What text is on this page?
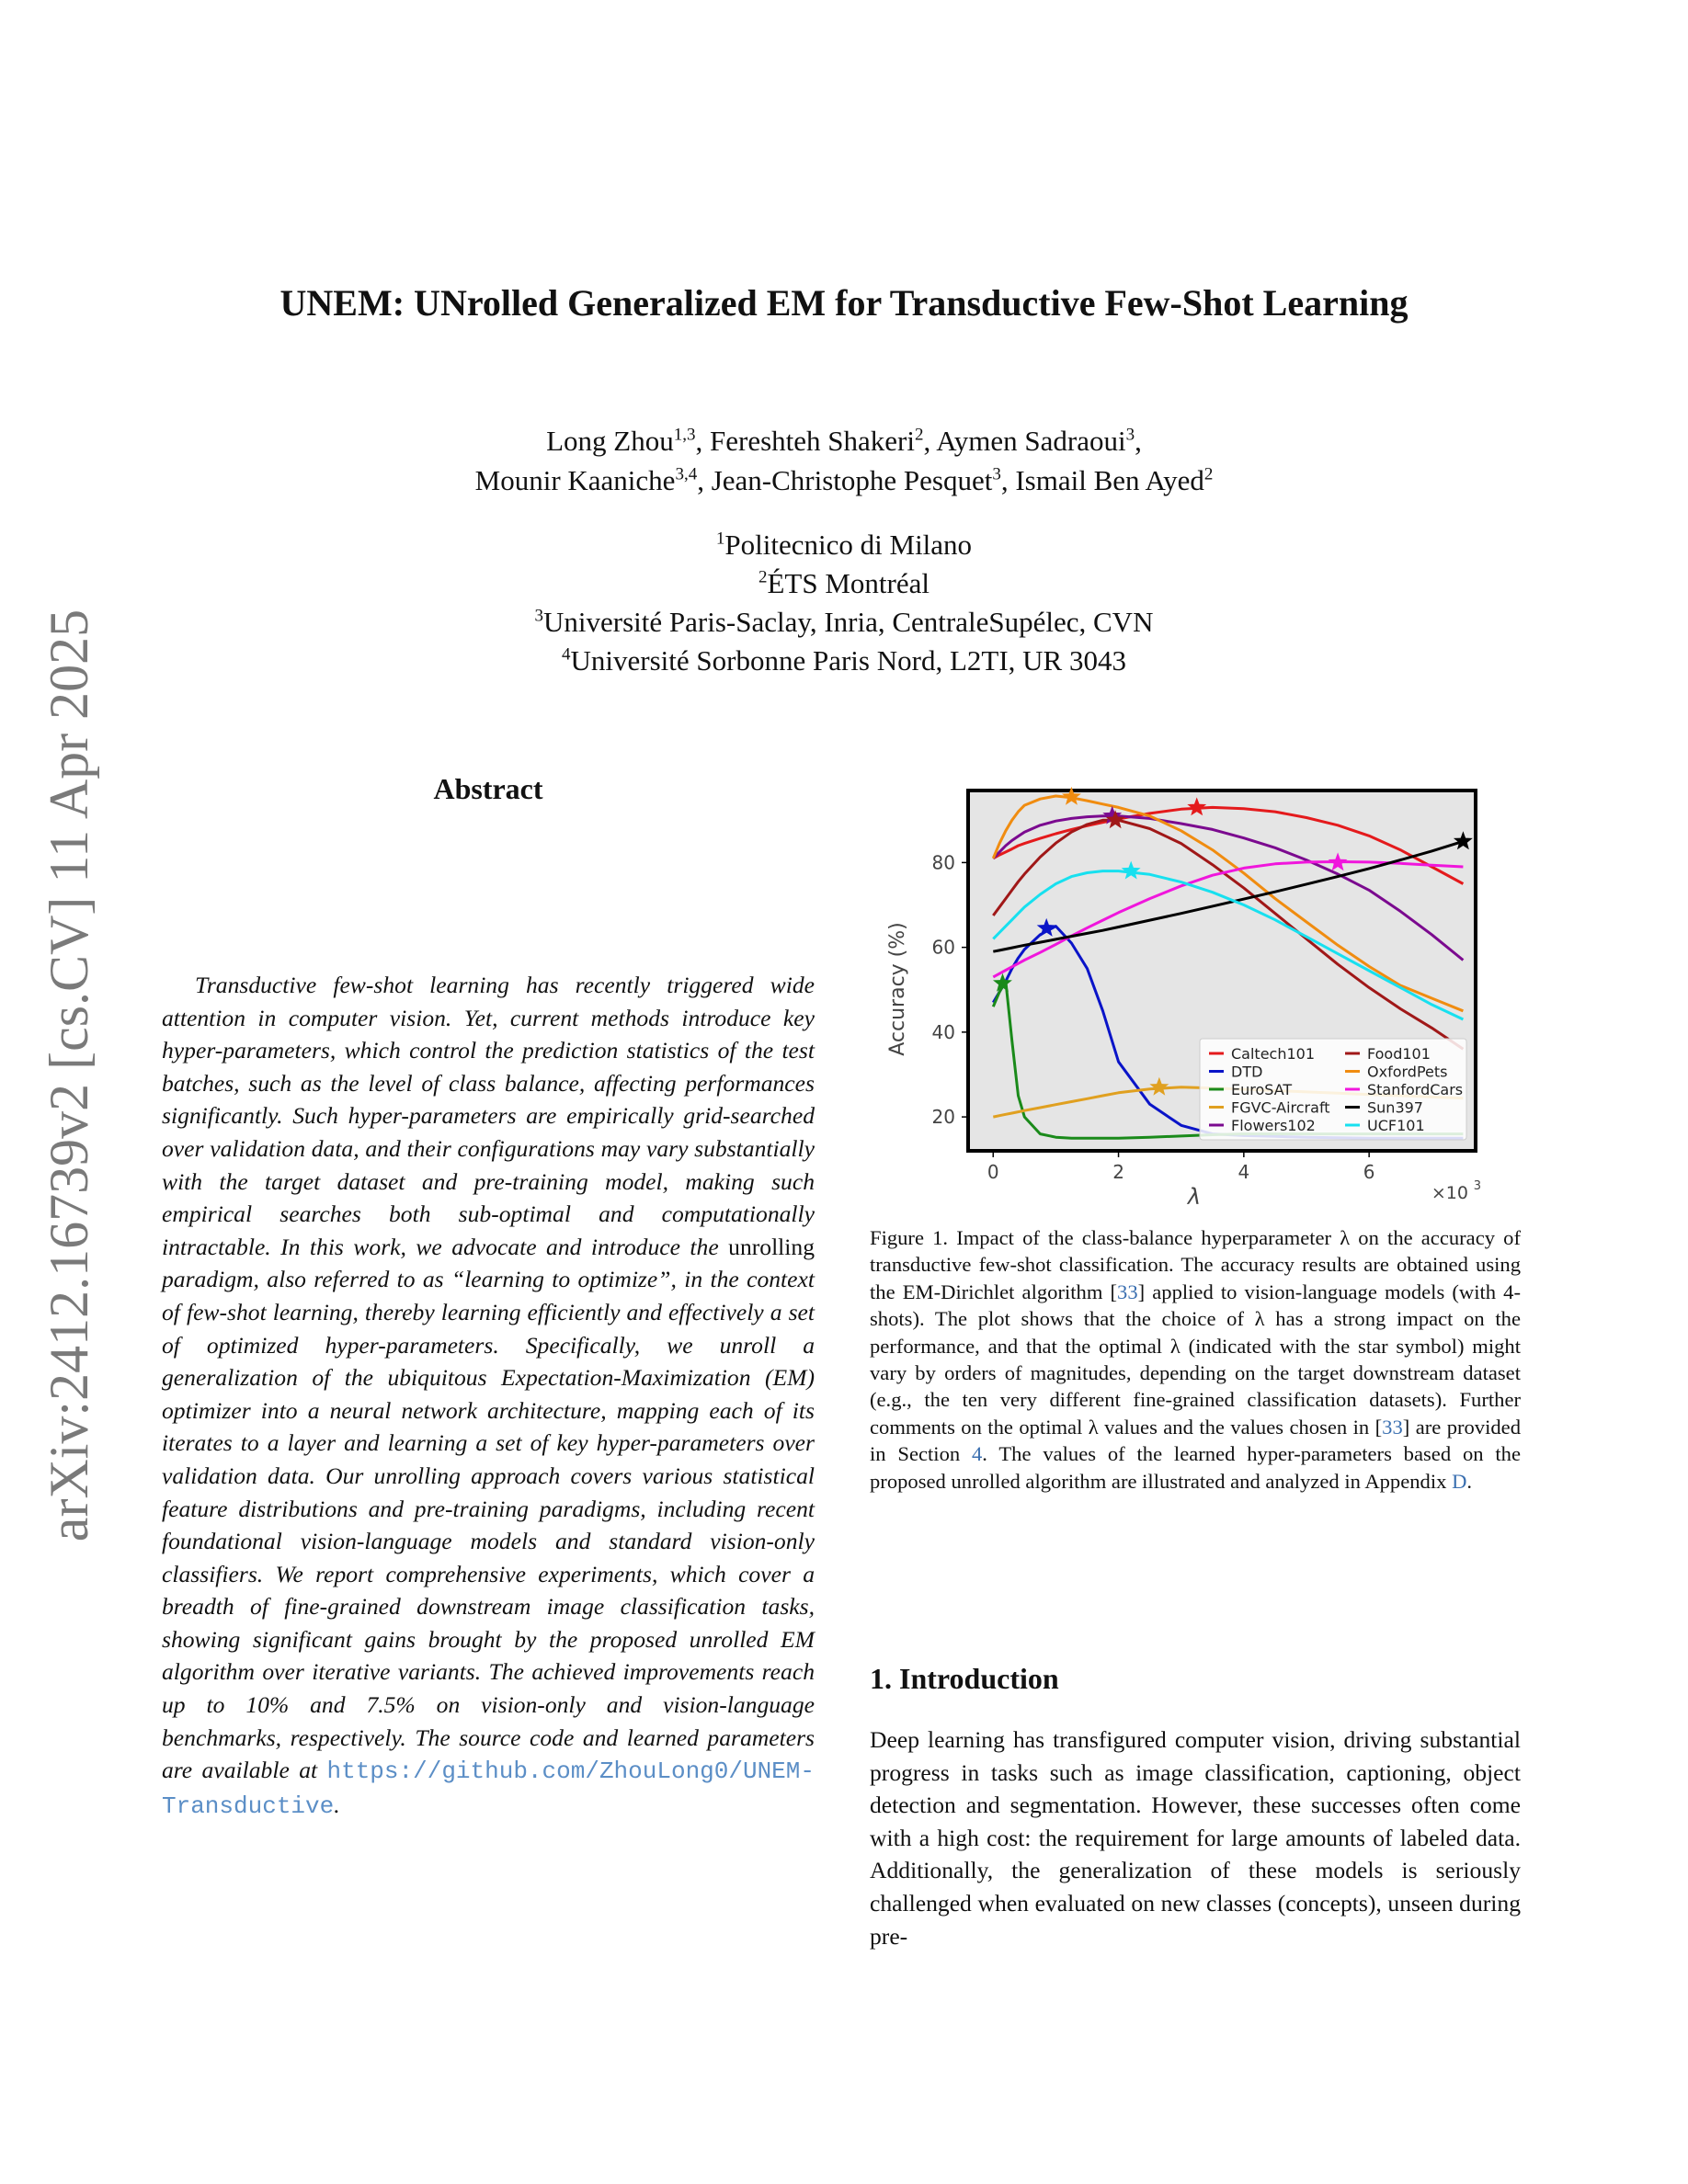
arXiv:2412.16739v2 [cs.CV] 11 Apr 2025
UNEM: UNrolled Generalized EM for Transductive Few-Shot Learning
Long Zhou$^{1,3}$, Fereshteh Shakeri$^2$, Aymen Sadraoui$^3$,
Mounir Kaaniche$^{3,4}$, Jean-Christophe Pesquet$^3$, Ismail Ben Ayed$^2$
$^1$Politecnico di Milano
$^2$ÉTS Montréal
$^3$Université Paris-Saclay, Inria, CentraleSupélec, CVN
$^4$Université Sorbonne Paris Nord, L2TI, UR 3043
Abstract
Transductive few-shot learning has recently triggered wide attention in computer vision. Yet, current methods introduce key hyper-parameters, which control the prediction statistics of the test batches, such as the level of class balance, affecting performances significantly. Such hyper-parameters are empirically grid-searched over validation data, and their configurations may vary substantially with the target dataset and pre-training model, making such empirical searches both sub-optimal and computationally intractable. In this work, we advocate and introduce the unrolling paradigm, also referred to as “learning to optimize”, in the context of few-shot learning, thereby learning efficiently and effectively a set of optimized hyper-parameters. Specifically, we unroll a generalization of the ubiquitous Expectation-Maximization (EM) optimizer into a neural network architecture, mapping each of its iterates to a layer and learning a set of key hyper-parameters over validation data. Our unrolling approach covers various statistical feature distributions and pre-training paradigms, including recent foundational vision-language models and standard vision-only classifiers. We report comprehensive experiments, which cover a breadth of fine-grained downstream image classification tasks, showing significant gains brought by the proposed unrolled EM algorithm over iterative variants. The achieved improvements reach up to 10% and 7.5% on vision-only and vision-language benchmarks, respectively. The source code and learned parameters are available at https://github.com/ZhouLong0/UNEM-Transductive.
0	2	4	6
20
40
60
80
λ	×10 3
Accuracy (%)	Caltech101
DTD
EuroSAT
FGVC-Aircraft
Flowers102
Food101
OxfordPets
StanfordCars
Sun397
UCF101
Figure 1. Impact of the class-balance hyperparameter λ on the accuracy of transductive few-shot classification. The accuracy results are obtained using the EM-Dirichlet algorithm [33] applied to vision-language models (with 4-shots). The plot shows that the choice of λ has a strong impact on the performance, and that the optimal λ (indicated with the star symbol) might vary by orders of magnitudes, depending on the target downstream dataset (e.g., the ten very different fine-grained classification datasets). Further comments on the optimal λ values and the values chosen in [33] are provided in Section 4. The values of the learned hyper-parameters based on the proposed unrolled algorithm are illustrated and analyzed in Appendix D.
1. Introduction
Deep learning has transfigured computer vision, driving substantial progress in tasks such as image classification, captioning, object detection and segmentation. However, these successes often come with a high cost: the requirement for large amounts of labeled data. Additionally, the generalization of these models is seriously challenged when evaluated on new classes (concepts), unseen during pre-
